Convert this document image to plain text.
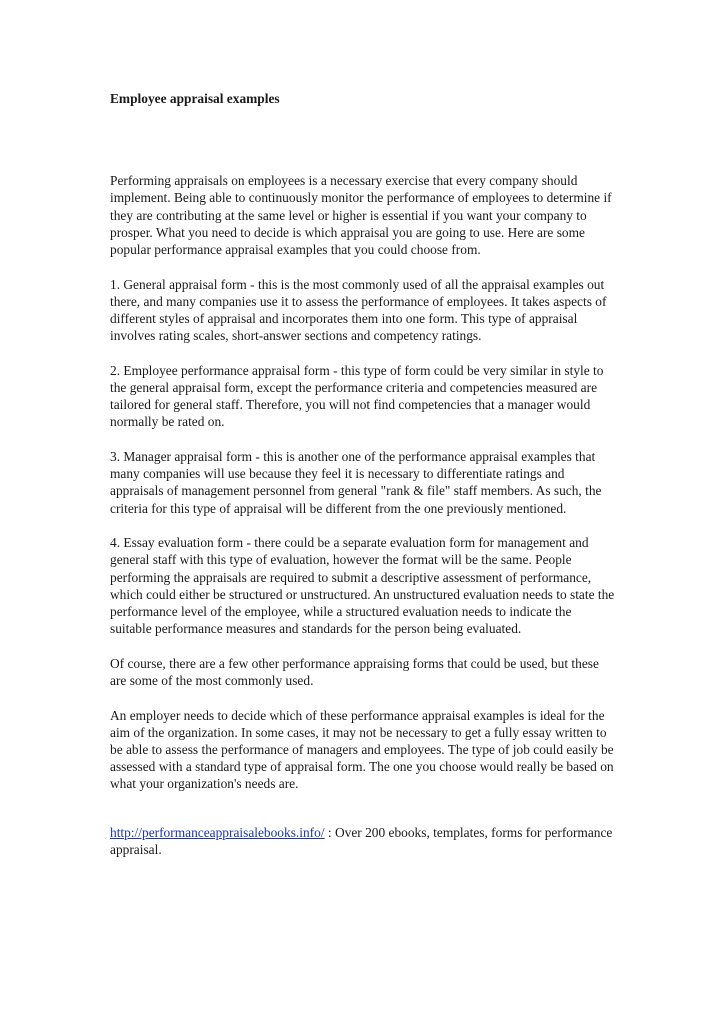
Employee appraisal examples

Performing appraisals on employees is a necessary exercise that every company should implement. Being able to continuously monitor the performance of employees to determine if they are contributing at the same level or higher is essential if you want your company to prosper. What you need to decide is which appraisal you are going to use. Here are some popular performance appraisal examples that you could choose from.

1. General appraisal form - this is the most commonly used of all the appraisal examples out there, and many companies use it to assess the performance of employees. It takes aspects of different styles of appraisal and incorporates them into one form. This type of appraisal involves rating scales, short-answer sections and competency ratings.

2. Employee performance appraisal form - this type of form could be very similar in style to the general appraisal form, except the performance criteria and competencies measured are tailored for general staff. Therefore, you will not find competencies that a manager would normally be rated on.

3. Manager appraisal form - this is another one of the performance appraisal examples that many companies will use because they feel it is necessary to differentiate ratings and appraisals of management personnel from general "rank & file" staff members. As such, the criteria for this type of appraisal will be different from the one previously mentioned.

4. Essay evaluation form - there could be a separate evaluation form for management and general staff with this type of evaluation, however the format will be the same. People performing the appraisals are required to submit a descriptive assessment of performance, which could either be structured or unstructured. An unstructured evaluation needs to state the performance level of the employee, while a structured evaluation needs to indicate the suitable performance measures and standards for the person being evaluated.

Of course, there are a few other performance appraising forms that could be used, but these are some of the most commonly used.

An employer needs to decide which of these performance appraisal examples is ideal for the aim of the organization. In some cases, it may not be necessary to get a fully essay written to be able to assess the performance of managers and employees. The type of job could easily be assessed with a standard type of appraisal form. The one you choose would really be based on what your organization's needs are.

http://performanceappraisalebooks.info/ : Over 200 ebooks, templates, forms for performance appraisal.
